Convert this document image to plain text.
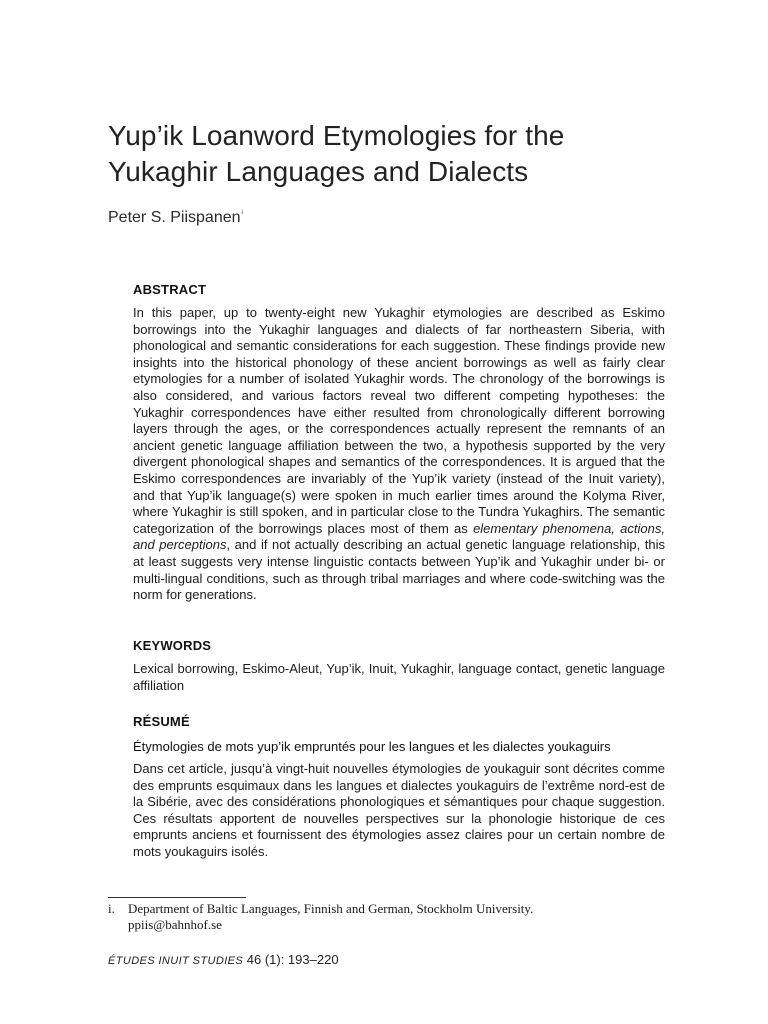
Yup’ik Loanword Etymologies for the
Yukaghir Languages and Dialects
Peter S. Piispanen$^i$
ABSTRACT

In this paper, up to twenty-eight new Yukaghir etymologies are described as Eskimo borrowings into the Yukaghir languages and dialects of far northeastern Siberia, with phonological and semantic considerations for each suggestion. These findings provide new insights into the historical phonology of these ancient borrowings as well as fairly clear etymologies for a number of isolated Yukaghir words. The chronology of the borrowings is also considered, and various factors reveal two different competing hypotheses: the Yukaghir correspondences have either resulted from chronologically different borrowing layers through the ages, or the correspondences actually represent the remnants of an ancient genetic language affiliation between the two, a hypothesis supported by the very divergent phonological shapes and semantics of the correspondences. It is argued that the Eskimo correspondences are invariably of the Yup’ik variety (instead of the Inuit variety), and that Yup’ik language(s) were spoken in much earlier times around the Kolyma River, where Yukaghir is still spoken, and in particular close to the Tundra Yukaghirs. The semantic categorization of the borrowings places most of them as elementary phenomena, actions, and perceptions, and if not actually describing an actual genetic language relationship, this at least suggests very intense linguistic contacts between Yup’ik and Yukaghir under bi- or multi-lingual conditions, such as through tribal marriages and where code-switching was the norm for generations.

KEYWORDS

Lexical borrowing, Eskimo-Aleut, Yup’ik, Inuit, Yukaghir, language contact, genetic language affiliation

RÉSUMÉ
Étymologies de mots yup’ik empruntés pour les langues et les dialectes youkaguirs

Dans cet article, jusqu’à vingt-huit nouvelles étymologies de youkaguir sont décrites comme des emprunts esquimaux dans les langues et dialectes youkaguirs de l’extrême nord-est de la Sibérie, avec des considérations phonologiques et sémantiques pour chaque suggestion. Ces résultats apportent de nouvelles perspectives sur la phonologie historique de ces emprunts anciens et fournissent des étymologies assez claires pour un certain nombre de mots youkaguirs isolés.

i. Department of Baltic Languages, Finnish and German, Stockholm University.
ppiis@bahnhof.se
ÉTUDES INUIT STUDIES 46 (1): 193–220
